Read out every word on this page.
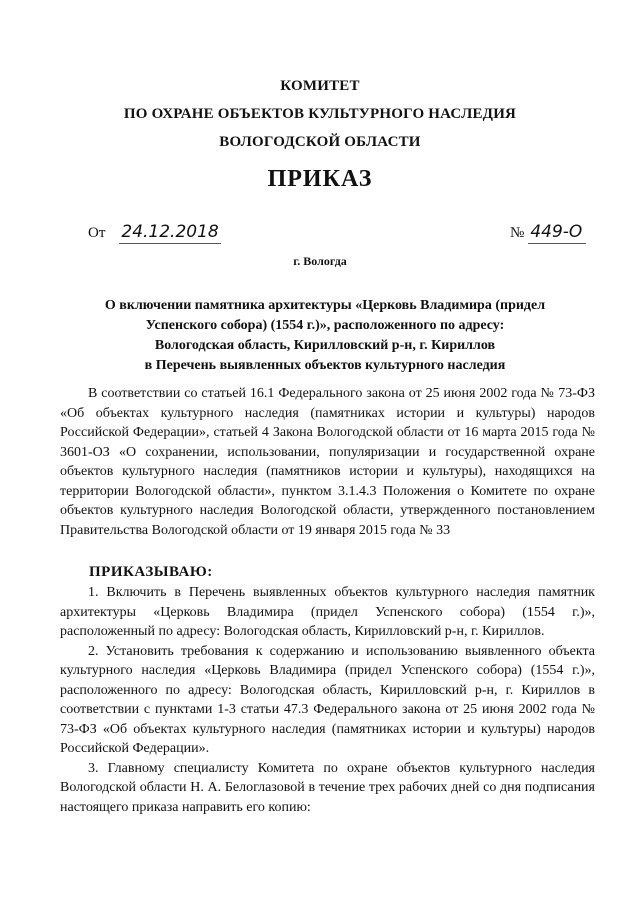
КОМИТЕТ
ПО ОХРАНЕ ОБЪЕКТОВ КУЛЬТУРНОГО НАСЛЕДИЯ
ВОЛОГОДСКОЙ ОБЛАСТИ
ПРИКАЗ
От 24.12.2018	№ 449-О
г. Вологда
О включении памятника архитектуры «Церковь Владимира (придел
Успенского собора) (1554 г.)», расположенного по адресу:
Вологодская область, Кирилловский р-н, г. Кириллов
в Перечень выявленных объектов культурного наследия
В соответствии со статьей 16.1 Федерального закона от 25 июня 2002 года № 73-ФЗ «Об объектах культурного наследия (памятниках истории и культуры) народов Российской Федерации», статьей 4 Закона Вологодской области от 16 марта 2015 года № 3601-ОЗ «О сохранении, использовании, популяризации и государственной охране объектов культурного наследия (памятников истории и культуры), находящихся на территории Вологодской области», пунктом 3.1.4.3 Положения о Комитете по охране объектов культурного наследия Вологодской области, утвержденного постановлением Правительства Вологодской области от 19 января 2015 года № 33
ПРИКАЗЫВАЮ:
1. Включить в Перечень выявленных объектов культурного наследия памятник архитектуры «Церковь Владимира (придел Успенского собора) (1554 г.)», расположенный по адресу: Вологодская область, Кирилловский р-н, г. Кириллов.
2. Установить требования к содержанию и использованию выявленного объекта культурного наследия «Церковь Владимира (придел Успенского собора) (1554 г.)», расположенного по адресу: Вологодская область, Кирилловский р-н, г. Кириллов в соответствии с пунктами 1-3 статьи 47.3 Федерального закона от 25 июня 2002 года № 73-ФЗ «Об объектах культурного наследия (памятниках истории и культуры) народов Российской Федерации».
3. Главному специалисту Комитета по охране объектов культурного наследия Вологодской области Н. А. Белоглазовой в течение трех рабочих дней со дня подписания настоящего приказа направить его копию:
